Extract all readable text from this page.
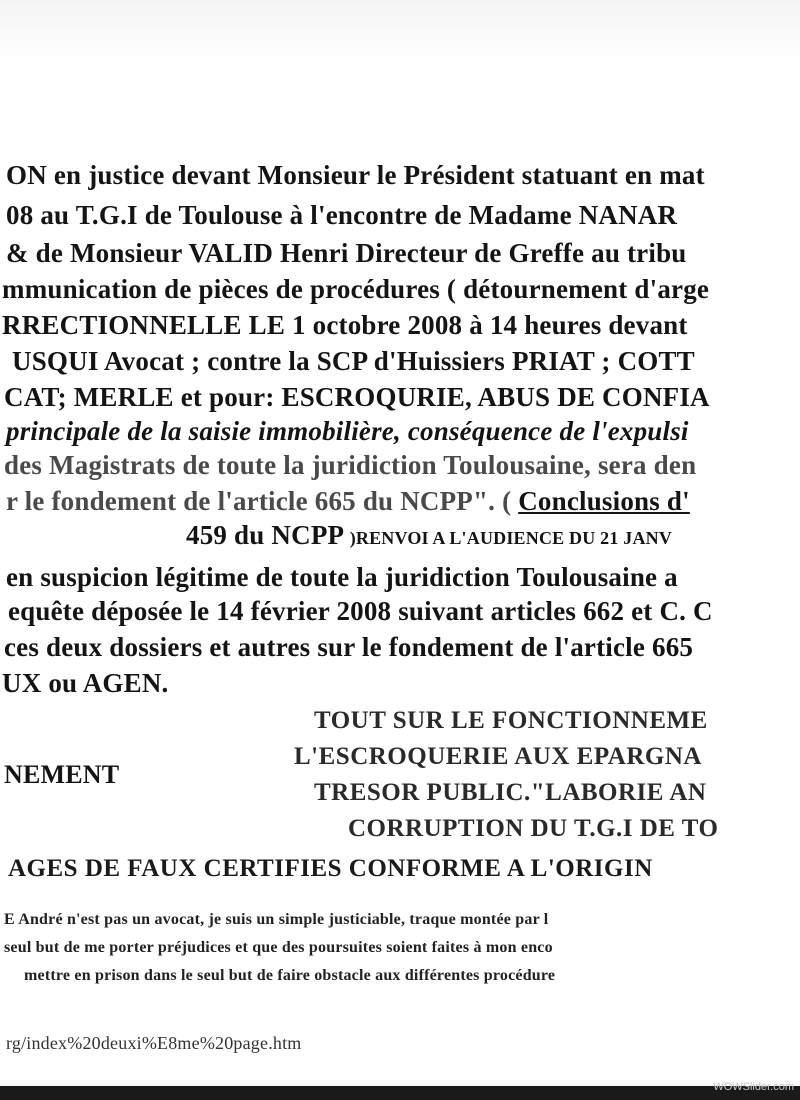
ON en justice devant Monsieur le Président statuant en mat
08 au T.G.I de Toulouse à l'encontre de Madame NANAR
& de Monsieur VALID Henri Directeur de Greffe au tribu
mmunication de pièces de procédures ( détournement d'arge
RRECTIONNELLE LE 1 octobre 2008 à 14 heures devant
USQUI Avocat ; contre la SCP d'Huissiers PRIAT ; COTT
CAT; MERLE et pour: ESCROQURIE, ABUS DE CONFIA
principale de la saisie immobilière, conséquence de l'expulsi
des Magistrats de toute la juridiction Toulousaine, sera den
r le fondement de l'article 665 du NCPP". ( Conclusions d'
459 du NCPP )RENVOI A L'AUDIENCE DU 21 JANV
en suspicion légitime de toute la juridiction Toulousaine a
equête déposée le 14 février 2008 suivant articles 662 et C. C
ces deux dossiers et autres sur le fondement de l'article 665
UX ou AGEN.
TOUT SUR LE FONCTIONNEME
L'ESCROQUERIE AUX EPARGNA
NEMENT
TRESOR PUBLIC."LABORIE AN
CORRUPTION DU T.G.I DE TO
AGES DE FAUX CERTIFIES CONFORME A L'ORIGIN
E André n'est pas un avocat, je suis un simple justiciable, traque montée par l
seul but de me porter préjudices et que des poursuites soient faites à mon enco
mettre en prison dans le seul but de faire obstacle aux différentes procédure
rg/index%20deuxi%E8me%20page.htm
WOWSlider.com
